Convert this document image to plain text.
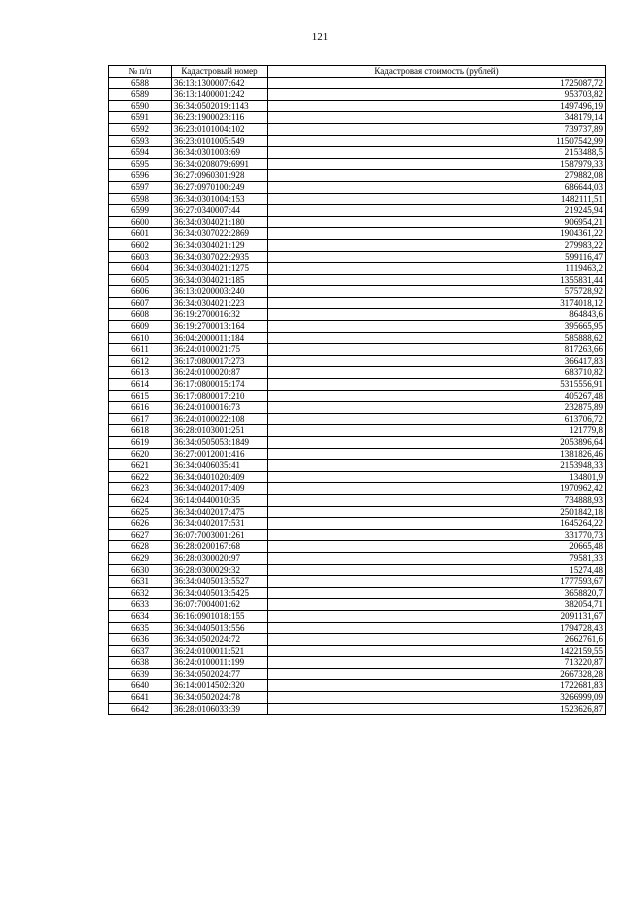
121
№ п/п	Кадастровый номер	Кадастровая стоимость (рублей)
6588	36:13:1300007:642	1725087,72
6589	36:13:1400001:242	953703,82
6590	36:34:0502019:1143	1497496,19
6591	36:23:1900023:116	348179,14
6592	36:23:0101004:102	739737,89
6593	36:23:0101005:549	11507542,99
6594	36:34:0301003:69	2153488,5
6595	36:34:0208079:6991	1587979,33
6596	36:27:0960301:928	279882,08
6597	36:27:0970100:249	686644,03
6598	36:34:0301004:153	1482111,51
6599	36:27:0340007:44	219245,94
6600	36:34:0304021:180	906954,21
6601	36:34:0307022:2869	1904361,22
6602	36:34:0304021:129	279983,22
6603	36:34:0307022:2935	599116,47
6604	36:34:0304021:1275	1119463,2
6605	36:34:0304021:185	1355831,44
6606	36:13:0200003:240	575728,92
6607	36:34:0304021:223	3174018,12
6608	36:19:2700016:32	864843,6
6609	36:19:2700013:164	395665,95
6610	36:04:2000011:184	585888,62
6611	36:24:0100021:75	817263,66
6612	36:17:0800017:273	366417,83
6613	36:24:0100020:87	683710,82
6614	36:17:0800015:174	5315556,91
6615	36:17:0800017:210	405267,48
6616	36:24:0100016:73	232875,89
6617	36:24:0100022:108	613706,72
6618	36:28:0103001:251	121779,8
6619	36:34:0505053:1849	2053896,64
6620	36:27:0012001:416	1381826,46
6621	36:34:0406035:41	2153948,33
6622	36:34:0401020:409	134801,9
6623	36:34:0402017:409	1970962,42
6624	36:14:0440010:35	734888,93
6625	36:34:0402017:475	2501842,18
6626	36:34:0402017:531	1645264,22
6627	36:07:7003001:261	331770,73
6628	36:28:0200167:68	20665,48
6629	36:28:0300020:97	79581,33
6630	36:28:0300029:32	15274,48
6631	36:34:0405013:5527	1777593,67
6632	36:34:0405013:5425	3658820,7
6633	36:07:7004001:62	382054,71
6634	36:16:0901018:155	2091131,67
6635	36:34:0405013:556	1794728,43
6636	36:34:0502024:72	2662761,6
6637	36:24:0100011:521	1422159,55
6638	36:24:0100011:199	713220,87
6639	36:34:0502024:77	2667328,28
6640	36:14:0014502:320	1722681,83
6641	36:34:0502024:78	3266999,09
6642	36:28:0106033:39	1523626,87
